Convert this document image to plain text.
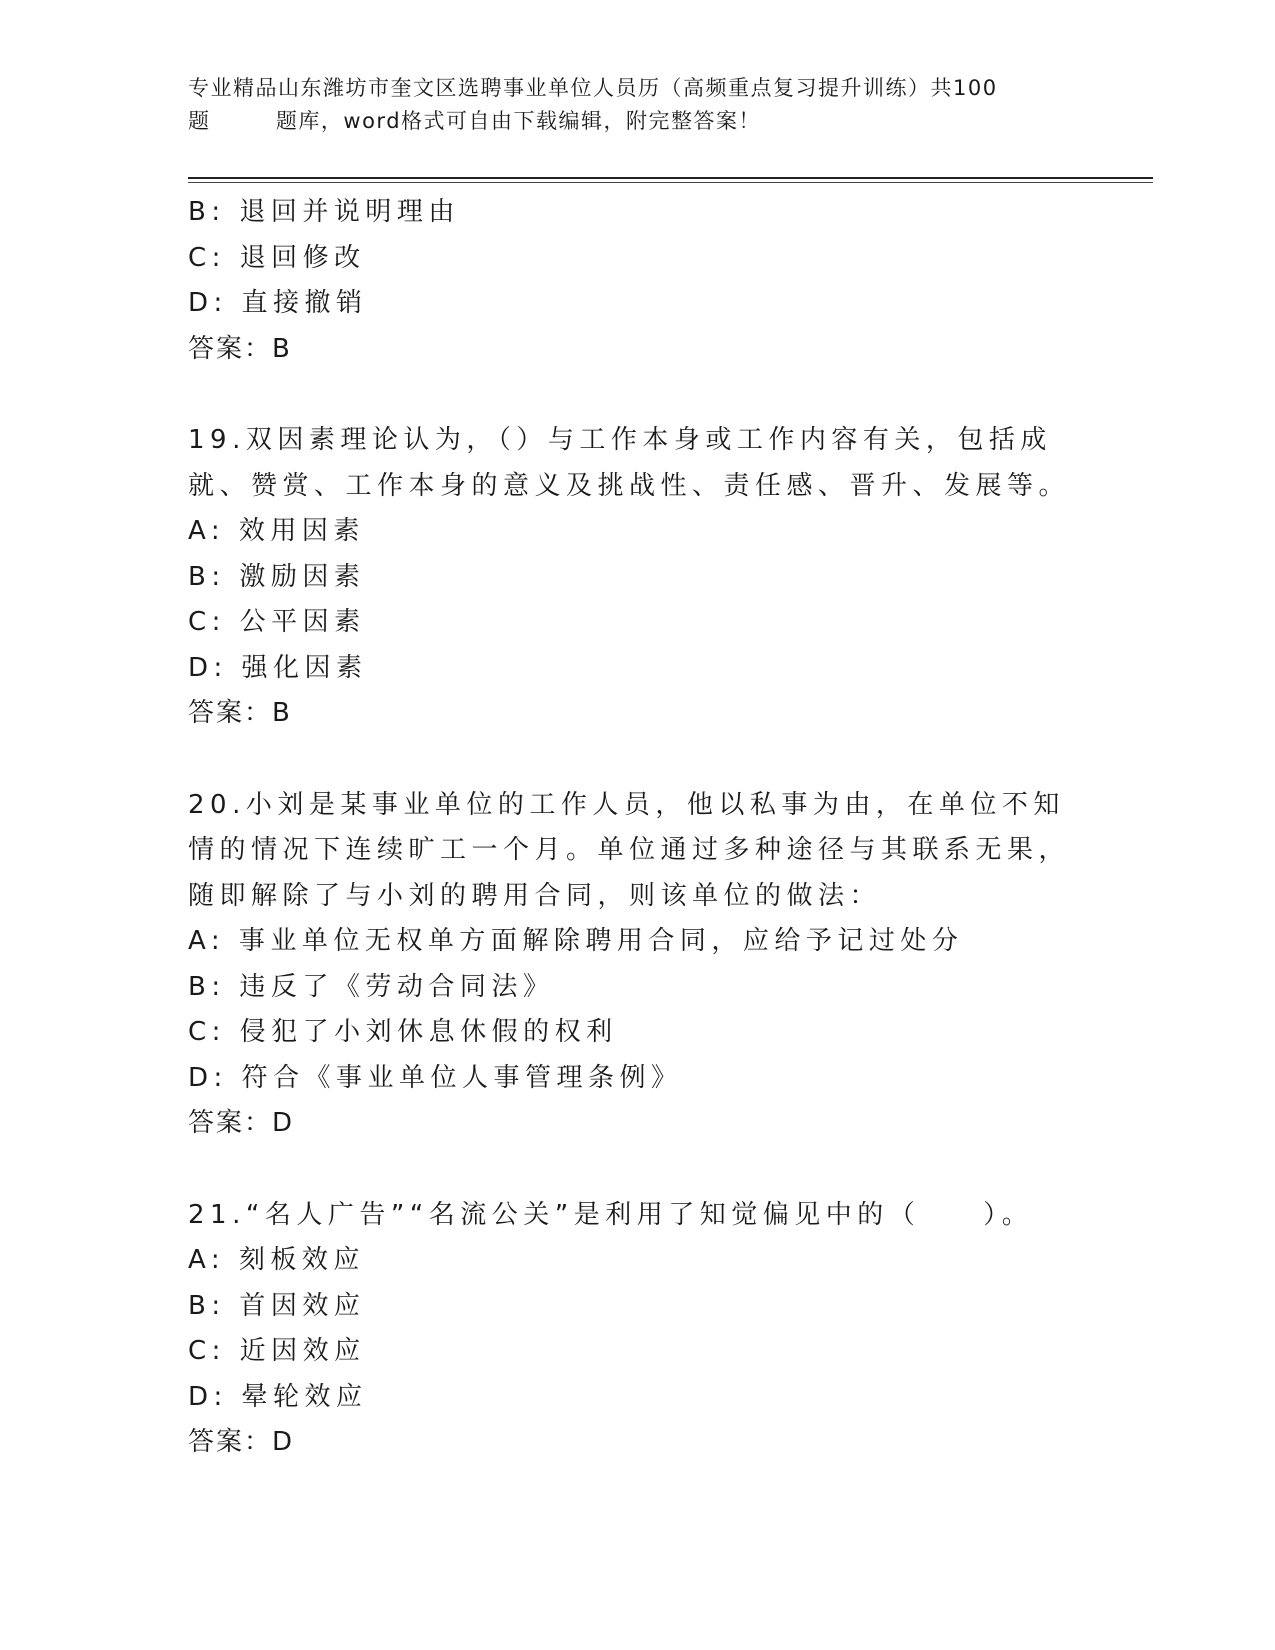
专业精品山东潍坊市奎文区选聘事业单位人员历（高频重点复习提升训练）共100
题        题库，word格式可自由下载编辑，附完整答案！
B: 退回并说明理由
C: 退回修改
D: 直接撤销
答案：B
19.双因素理论认为，（）与工作本身或工作内容有关，包括成就、赞赏、工作本身的意义及挑战性、责任感、晋升、发展等。
A: 效用因素
B: 激励因素
C: 公平因素
D: 强化因素
答案：B
20.小刘是某事业单位的工作人员，他以私事为由，在单位不知情的情况下连续旷工一个月。单位通过多种途径与其联系无果，随即解除了与小刘的聘用合同，则该单位的做法：
A: 事业单位无权单方面解除聘用合同，应给予记过处分
B: 违反了《劳动合同法》
C: 侵犯了小刘休息休假的权利
D: 符合《事业单位人事管理条例》
答案：D
21.“名人广告”“名流公关”是利用了知觉偏见中的（　　）。
A: 刻板效应
B: 首因效应
C: 近因效应
D: 晕轮效应
答案：D
